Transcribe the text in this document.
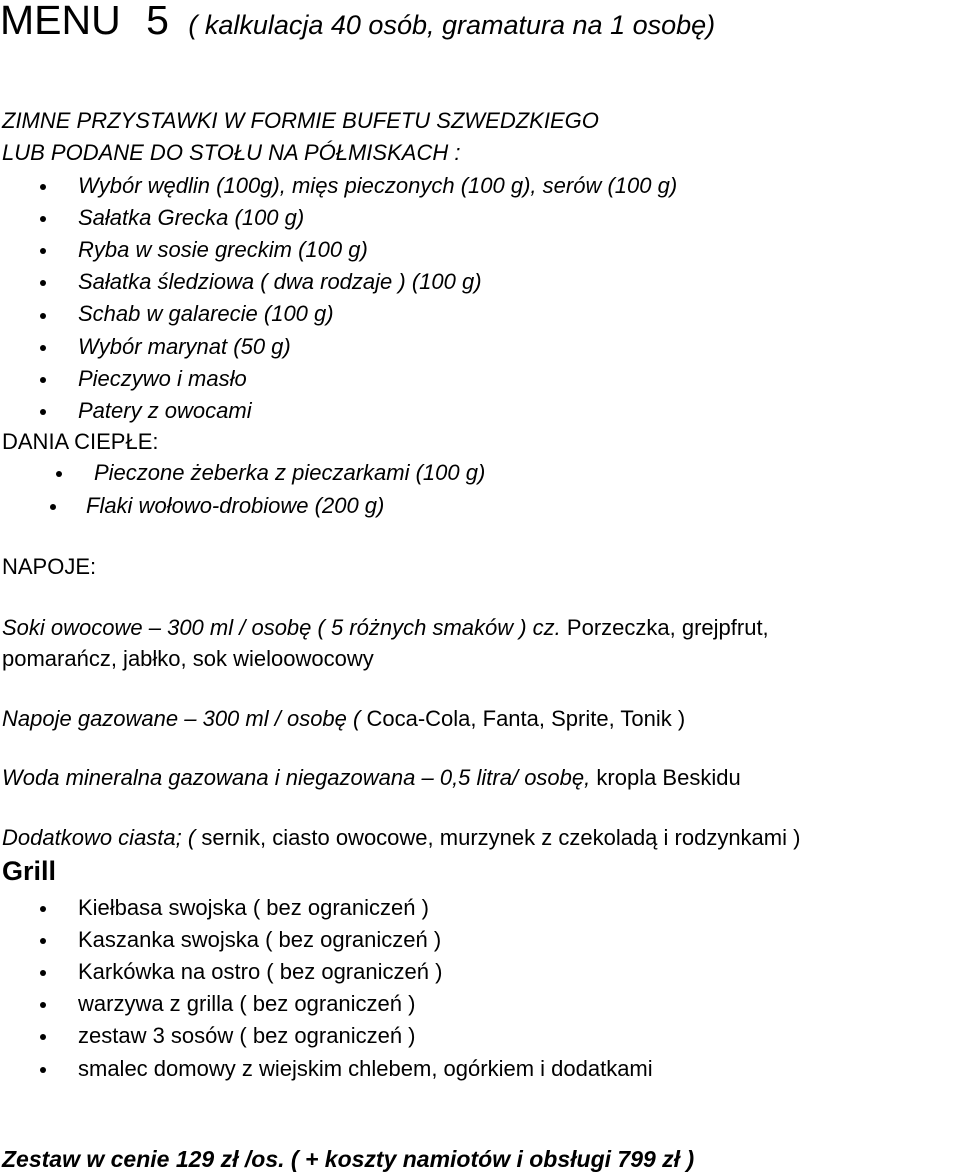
MENU 5 ( kalkulacja 40 osób, gramatura na 1 osobę)
ZIMNE PRZYSTAWKI W FORMIE BUFETU SZWEDZKIEGO
LUB PODANE DO STOŁU NA PÓŁMISKACH :
Wybór wędlin (100g), mięs pieczonych (100 g), serów (100 g)
Sałatka Grecka (100 g)
Ryba w sosie greckim (100 g)
Sałatka śledziowa ( dwa rodzaje ) (100 g)
Schab w galarecie (100 g)
Wybór marynat (50 g)
Pieczywo i masło
Patery z owocami
DANIA CIEPŁE:
Pieczone żeberka z pieczarkami (100 g)
Flaki wołowo-drobiowe (200 g)
NAPOJE:
Soki owocowe – 300 ml / osobę ( 5 różnych smaków ) cz. Porzeczka, grejpfrut,
pomarańcz, jabłko, sok wieloowocowy
Napoje gazowane – 300 ml / osobę ( Coca-Cola, Fanta, Sprite, Tonik )
Woda mineralna gazowana i niegazowana – 0,5 litra/ osobę, kropla Beskidu
Dodatkowo ciasta; ( sernik, ciasto owocowe, murzynek z czekoladą i rodzynkami )
Grill
Kiełbasa swojska ( bez ograniczeń )
Kaszanka swojska ( bez ograniczeń )
Karkówka na ostro ( bez ograniczeń )
warzywa z grilla ( bez ograniczeń )
zestaw 3 sosów ( bez ograniczeń )
smalec domowy z wiejskim chlebem, ogórkiem i dodatkami
Zestaw w cenie 129 zł /os. ( + koszty namiotów i obsługi 799 zł )
